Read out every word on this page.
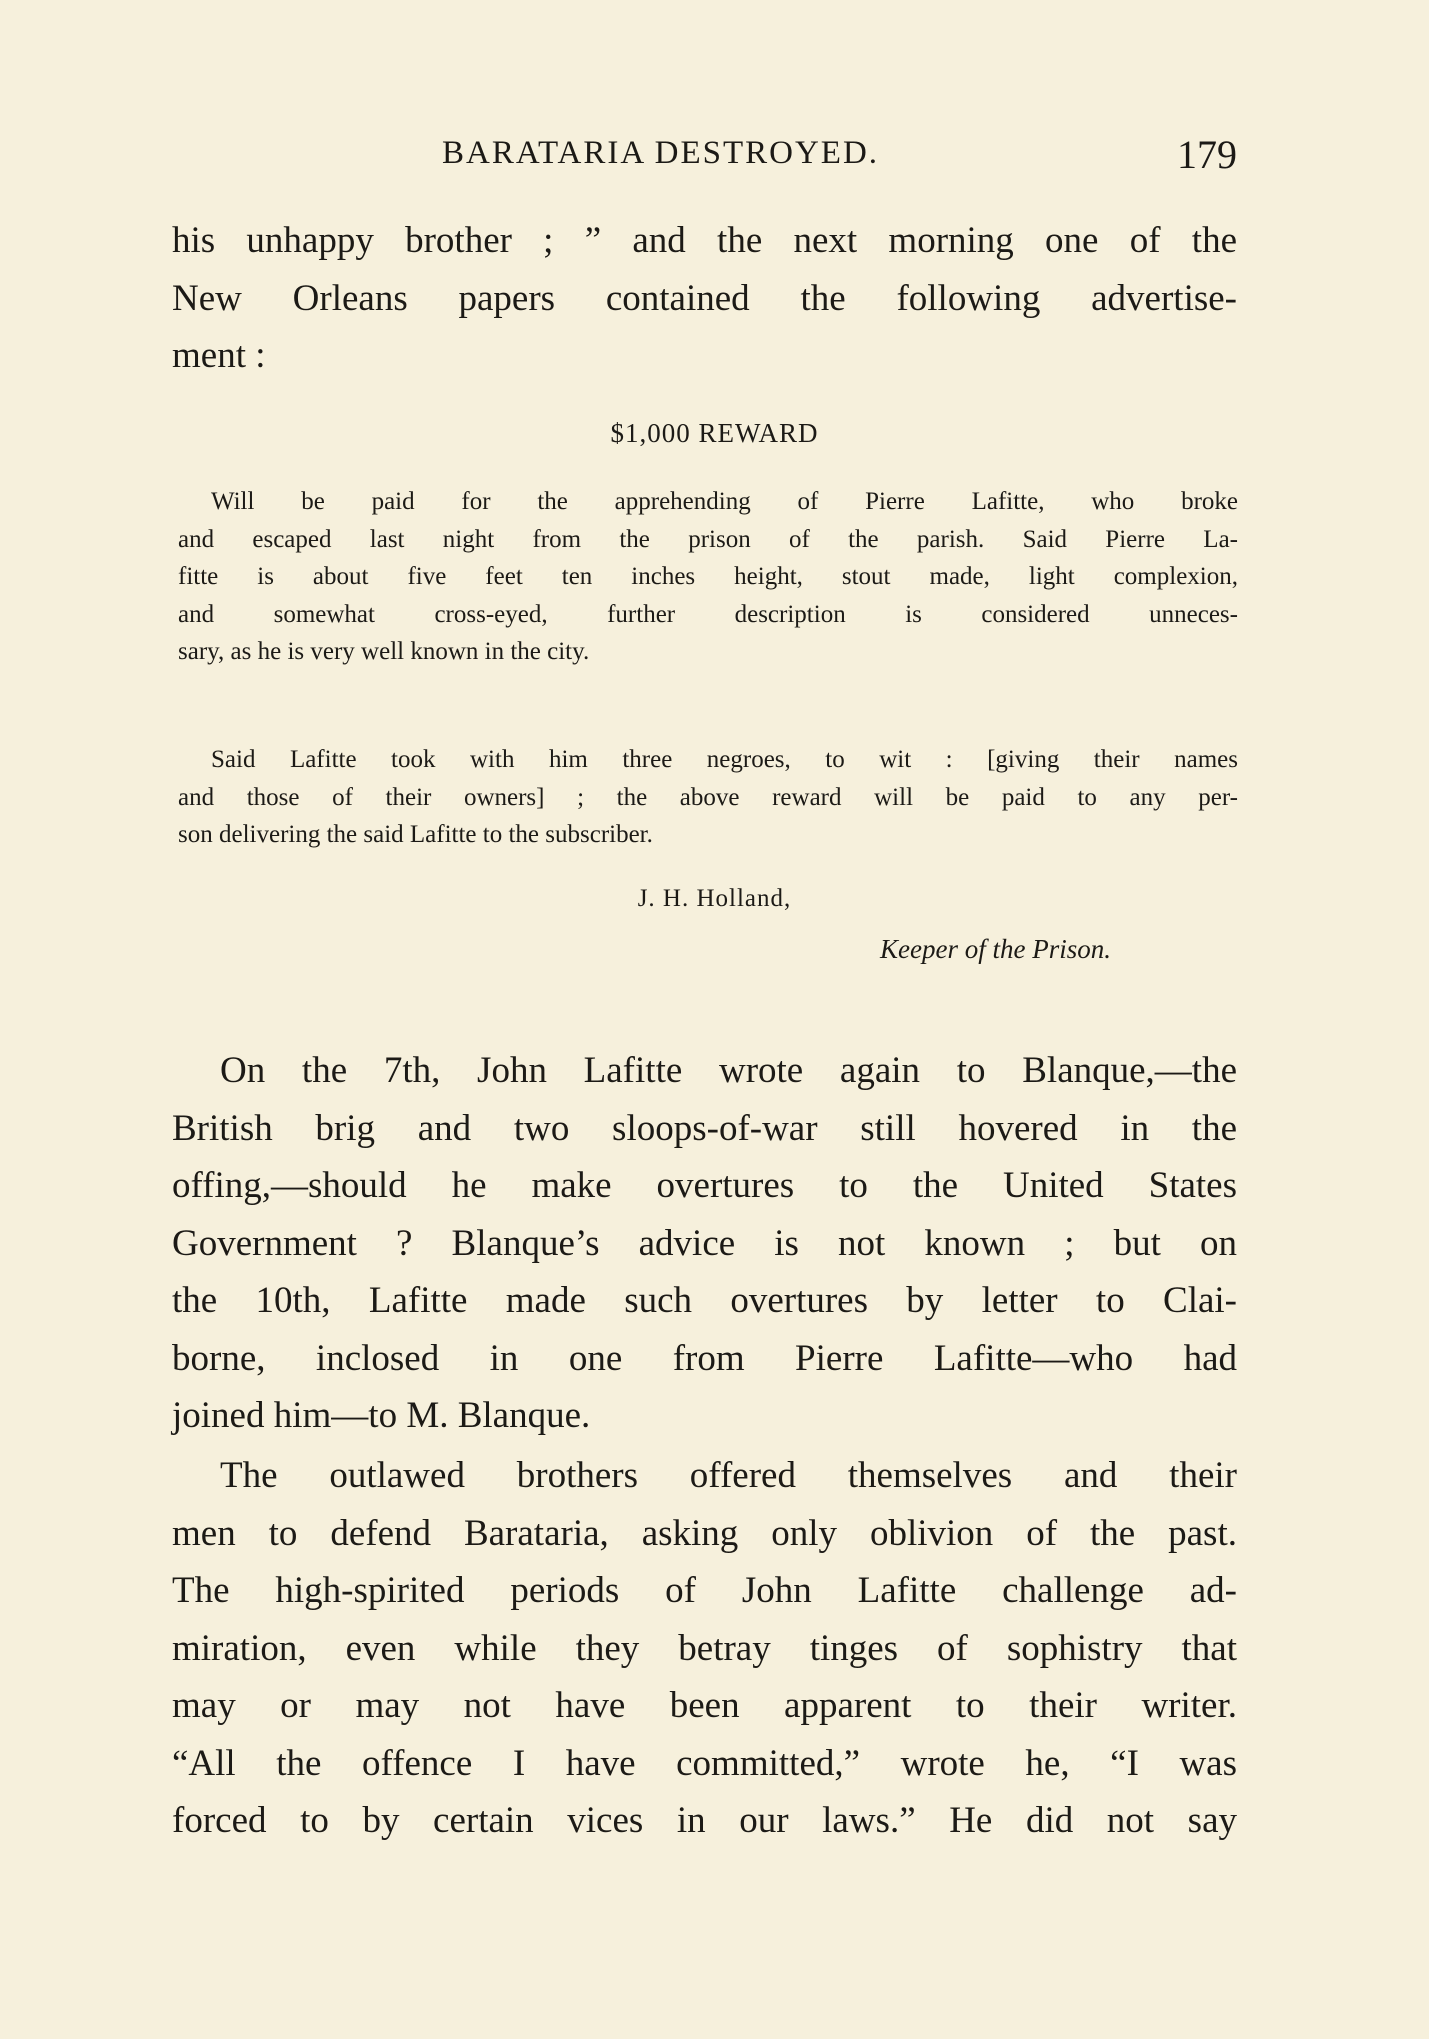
BARATARIA DESTROYED.	179
his unhappy brother ; ” and the next morning one of the
New Orleans papers contained the following advertise-
ment :
$1,000 REWARD
Will be paid for the apprehending of Pierre Lafitte, who broke
and escaped last night from the prison of the parish. Said Pierre La-
fitte is about five feet ten inches height, stout made, light complexion,
and somewhat cross-eyed, further description is considered unneces-
sary, as he is very well known in the city.
Said Lafitte took with him three negroes, to wit : [giving their names
and those of their owners] ; the above reward will be paid to any per-
son delivering the said Lafitte to the subscriber.
J. H. Holland,
Keeper of the Prison.
On the 7th, John Lafitte wrote again to Blanque,—the
British brig and two sloops-of-war still hovered in the
offing,—should he make overtures to the United States
Government ? Blanque’s advice is not known ; but on
the 10th, Lafitte made such overtures by letter to Clai-
borne, inclosed in one from Pierre Lafitte—who had
joined him—to M. Blanque.
The outlawed brothers offered themselves and their
men to defend Barataria, asking only oblivion of the past.
The high-spirited periods of John Lafitte challenge ad-
miration, even while they betray tinges of sophistry that
may or may not have been apparent to their writer.
“All the offence I have committed,” wrote he, “I was
forced to by certain vices in our laws.” He did not say
